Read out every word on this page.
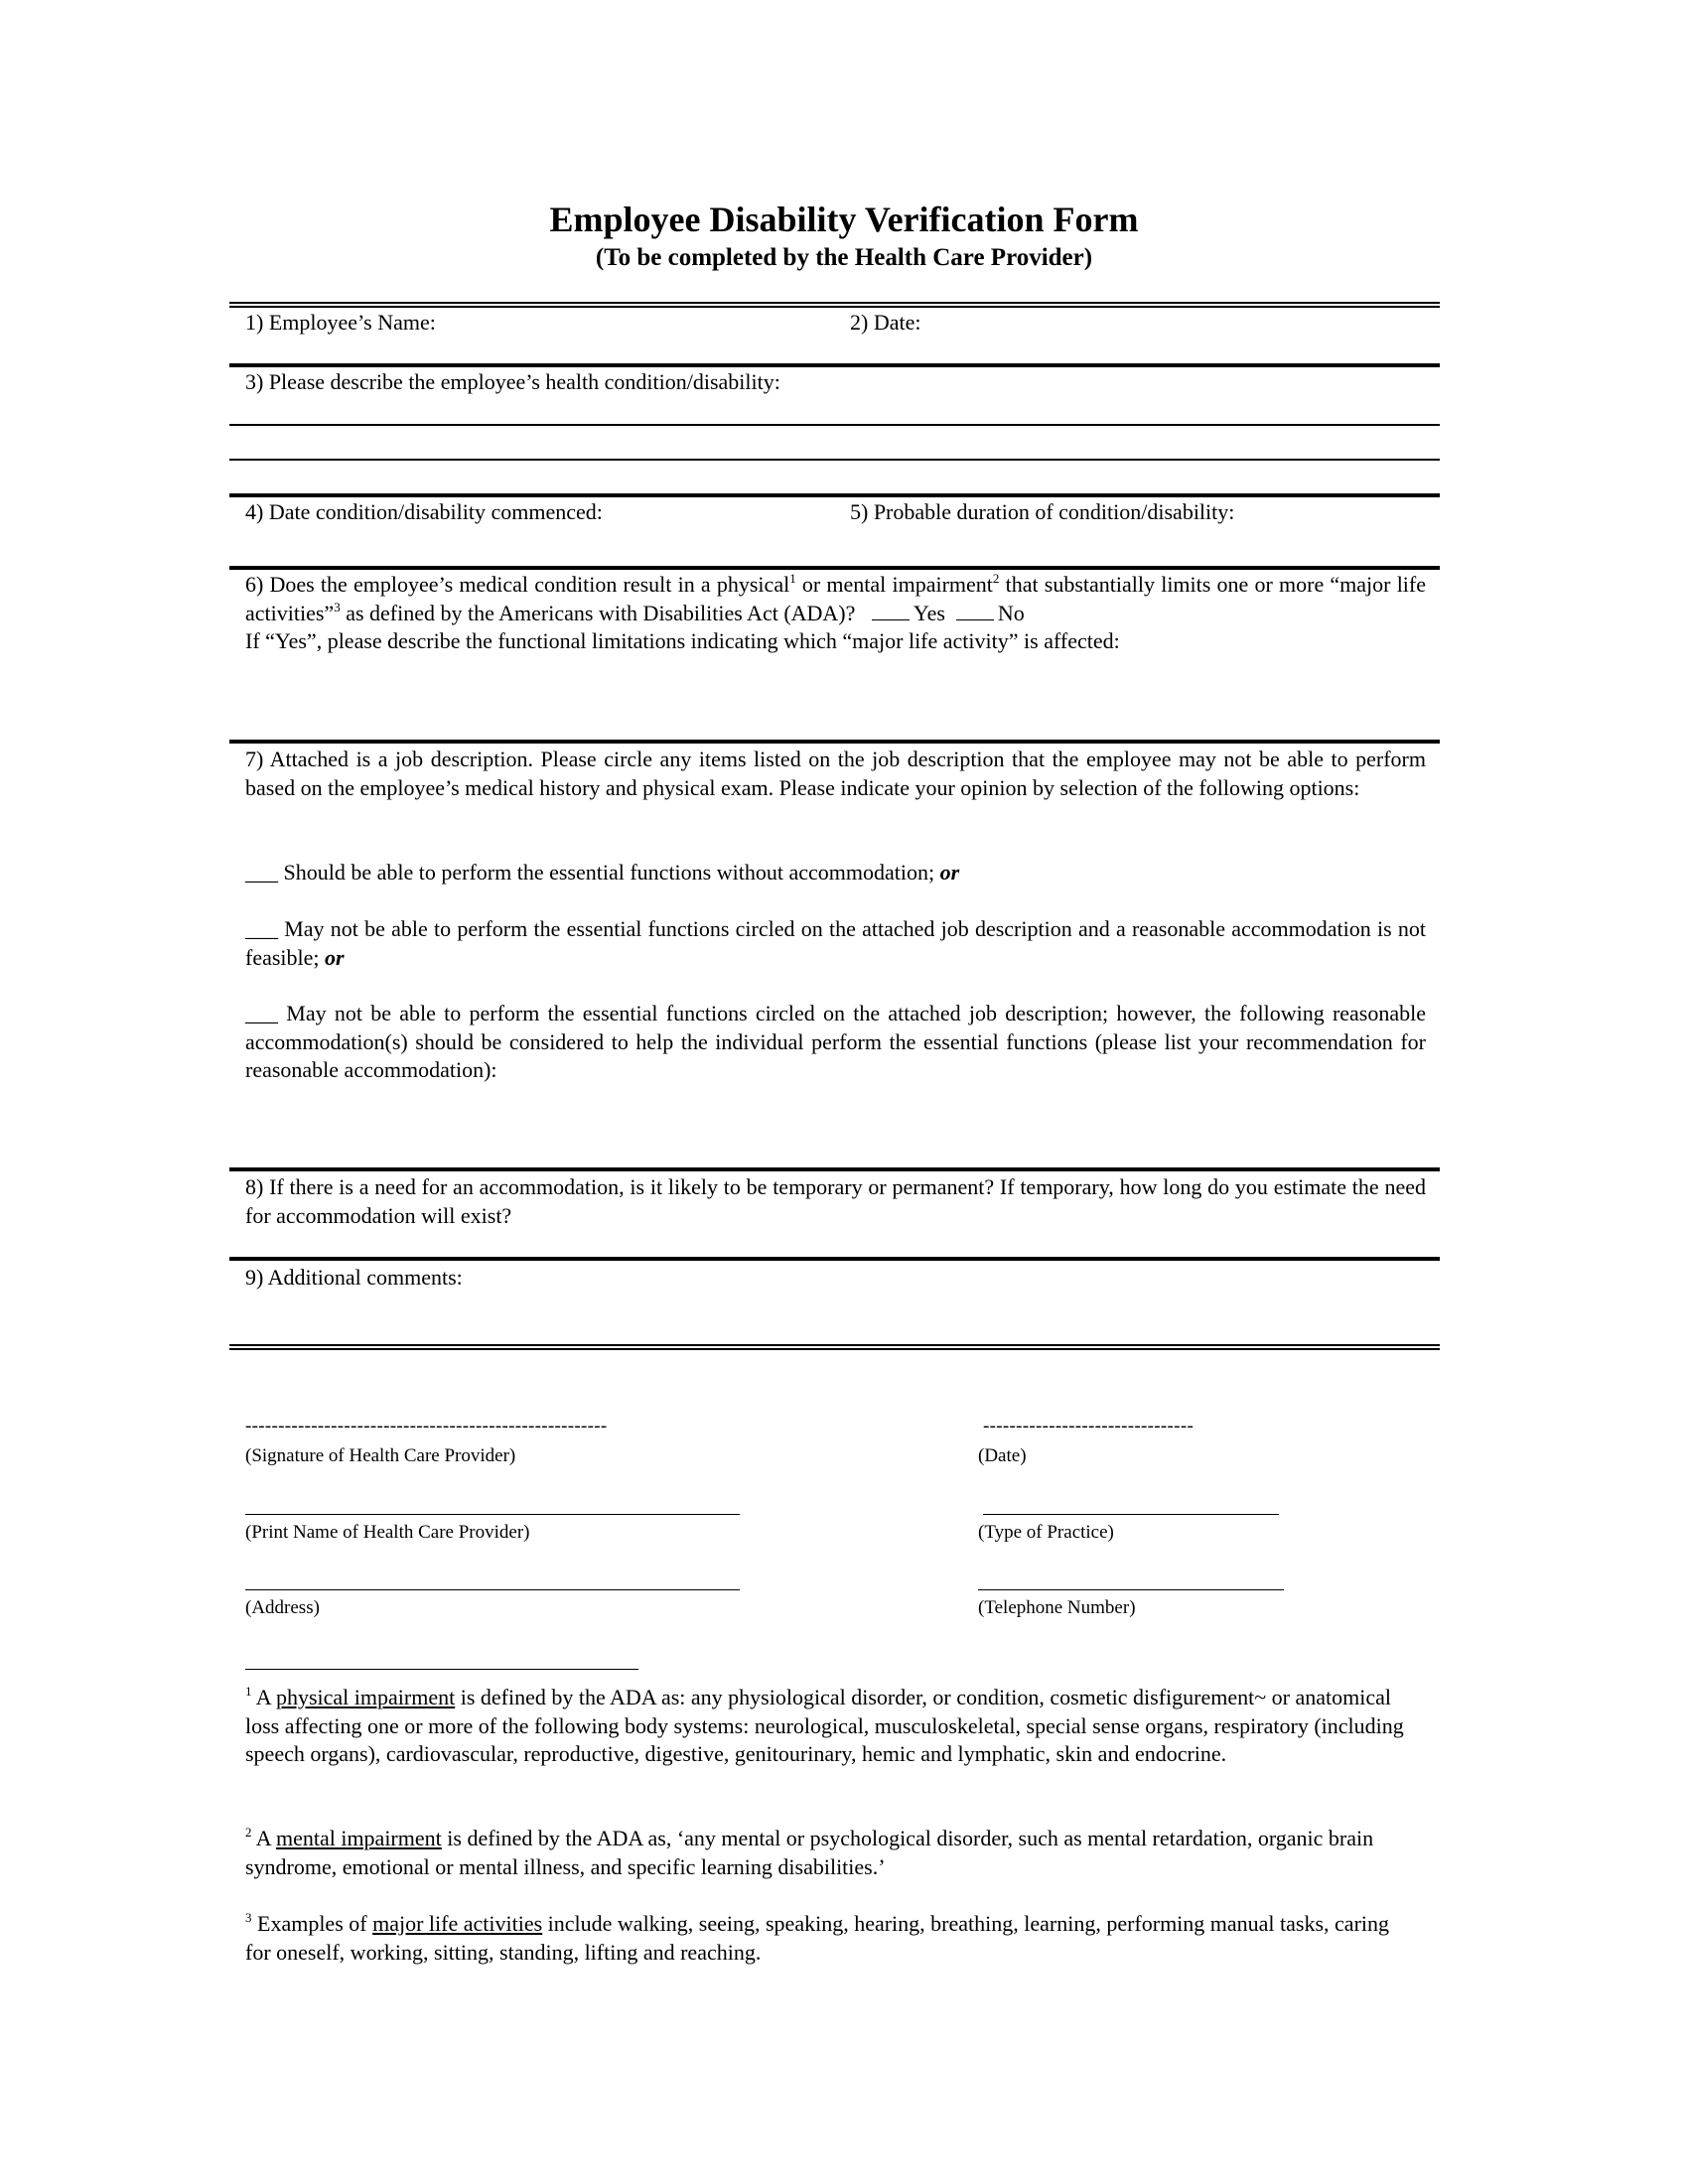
Employee Disability Verification Form
(To be completed by the Health Care Provider)
1) Employee’s Name:	2) Date:
3) Please describe the employee’s health condition/disability:
4) Date condition/disability commenced:	5) Probable duration of condition/disability:
6) Does the employee’s medical condition result in a physical$^1$ or mental impairment$^2$ that substantially limits one or more “major life activities”$^3$ as defined by the Americans with Disabilities Act (ADA)?	Yes No
If “Yes”, please describe the functional limitations indicating which “major life activity” is affected:
7) Attached is a job description. Please circle any items listed on the job description that the employee may not be able to perform based on the employee’s medical history and physical exam. Please indicate your opinion by selection of the following options:
___ Should be able to perform the essential functions without accommodation; or
___ May not be able to perform the essential functions circled on the attached job description and a reasonable accommodation is not feasible; or
___ May not be able to perform the essential functions circled on the attached job description; however, the following reasonable accommodation(s) should be considered to help the individual perform the essential functions (please list your recommendation for reasonable accommodation):
8) If there is a need for an accommodation, is it likely to be temporary or permanent? If temporary, how long do you estimate the need for accommodation will exist?
9) Additional comments:
-------------------------------------------------------	--------------------------------
(Signature of Health Care Provider)	(Date)
(Print Name of Health Care Provider)	(Type of Practice)
(Address)	(Telephone Number)
$^1$ A physical impairment is defined by the ADA as: any physiological disorder, or condition, cosmetic disfigurement~ or anatomical loss affecting one or more of the following body systems: neurological, musculoskeletal, special sense organs, respiratory (including speech organs), cardiovascular, reproductive, digestive, genitourinary, hemic and lymphatic, skin and endocrine.
$^2$ A mental impairment is defined by the ADA as, ‘any mental or psychological disorder, such as mental retardation, organic brain syndrome, emotional or mental illness, and specific learning disabilities.’
$^3$ Examples of major life activities include walking, seeing, speaking, hearing, breathing, learning, performing manual tasks, caring for oneself, working, sitting, standing, lifting and reaching.
